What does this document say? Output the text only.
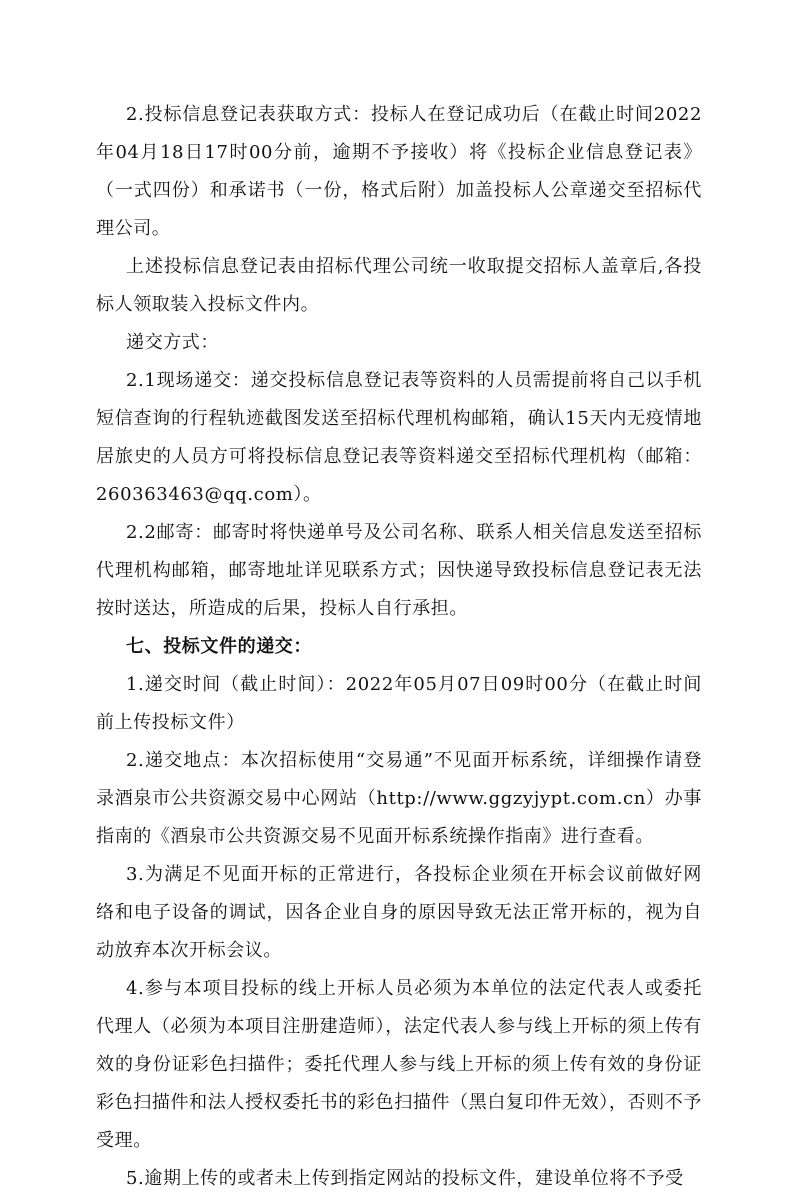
2.投标信息登记表获取方式：投标人在登记成功后（在截止时间2022年04月18日17时00分前，逾期不予接收）将《投标企业信息登记表》（一式四份）和承诺书（一份，格式后附）加盖投标人公章递交至招标代理公司。

上述投标信息登记表由招标代理公司统一收取提交招标人盖章后,各投标人领取装入投标文件内。

递交方式：

2.1现场递交：递交投标信息登记表等资料的人员需提前将自己以手机短信查询的行程轨迹截图发送至招标代理机构邮箱，确认15天内无疫情地居旅史的人员方可将投标信息登记表等资料递交至招标代理机构（邮箱：260363463@qq.com）。

2.2邮寄：邮寄时将快递单号及公司名称、联系人相关信息发送至招标代理机构邮箱，邮寄地址详见联系方式；因快递导致投标信息登记表无法按时送达，所造成的后果，投标人自行承担。

七、投标文件的递交：

1.递交时间（截止时间）：2022年05月07日09时00分（在截止时间前上传投标文件）

2.递交地点：本次招标使用“交易通”不见面开标系统，详细操作请登录酒泉市公共资源交易中心网站（http://www.ggzyjypt.com.cn）办事指南的《酒泉市公共资源交易不见面开标系统操作指南》进行查看。

3.为满足不见面开标的正常进行，各投标企业须在开标会议前做好网络和电子设备的调试，因各企业自身的原因导致无法正常开标的，视为自动放弃本次开标会议。

4.参与本项目投标的线上开标人员必须为本单位的法定代表人或委托代理人（必须为本项目注册建造师），法定代表人参与线上开标的须上传有效的身份证彩色扫描件；委托代理人参与线上开标的须上传有效的身份证彩色扫描件和法人授权委托书的彩色扫描件（黑白复印件无效），否则不予受理。

5.逾期上传的或者未上传到指定网站的投标文件，建设单位将不予受
